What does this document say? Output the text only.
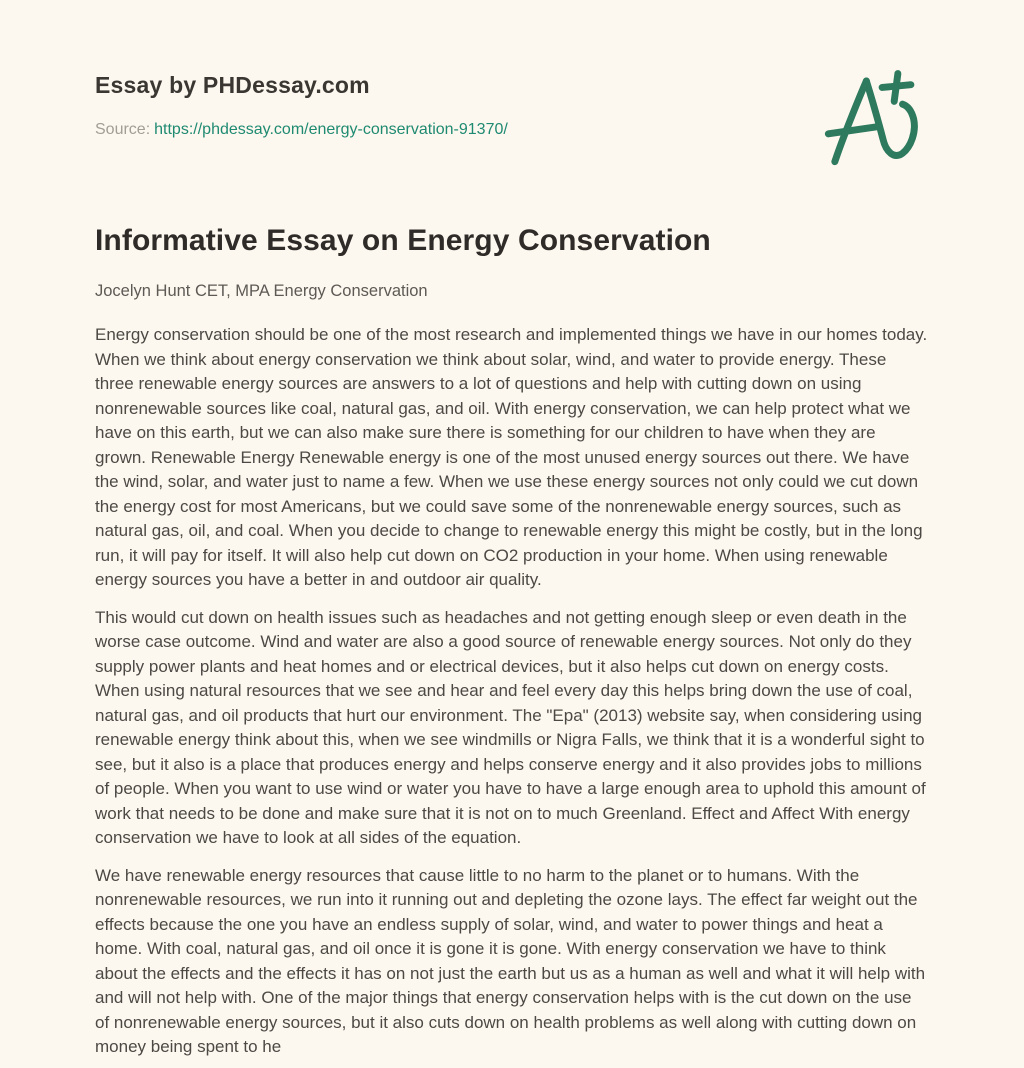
Essay by PHDessay.com
Source: https://phdessay.com/energy-conservation-91370/
Informative Essay on Energy Conservation

Jocelyn Hunt CET, MPA Energy Conservation

Energy conservation should be one of the most research and implemented things we have in our homes today. When we think about energy conservation we think about solar, wind, and water to provide energy. These three renewable energy sources are answers to a lot of questions and help with cutting down on using nonrenewable sources like coal, natural gas, and oil. With energy conservation, we can help protect what we have on this earth, but we can also make sure there is something for our children to have when they are grown. Renewable Energy Renewable energy is one of the most unused energy sources out there. We have the wind, solar, and water just to name a few. When we use these energy sources not only could we cut down the energy cost for most Americans, but we could save some of the nonrenewable energy sources, such as natural gas, oil, and coal. When you decide to change to renewable energy this might be costly, but in the long run, it will pay for itself. It will also help cut down on CO2 production in your home. When using renewable energy sources you have a better in and outdoor air quality.

This would cut down on health issues such as headaches and not getting enough sleep or even death in the worse case outcome. Wind and water are also a good source of renewable energy sources. Not only do they supply power plants and heat homes and or electrical devices, but it also helps cut down on energy costs. When using natural resources that we see and hear and feel every day this helps bring down the use of coal, natural gas, and oil products that hurt our environment. The "Epa" (2013) website say, when considering using renewable energy think about this, when we see windmills or Nigra Falls, we think that it is a wonderful sight to see, but it also is a place that produces energy and helps conserve energy and it also provides jobs to millions of people. When you want to use wind or water you have to have a large enough area to uphold this amount of work that needs to be done and make sure that it is not on to much Greenland. Effect and Affect With energy conservation we have to look at all sides of the equation.

We have renewable energy resources that cause little to no harm to the planet or to humans. With the nonrenewable resources, we run into it running out and depleting the ozone lays. The effect far weight out the effects because the one you have an endless supply of solar, wind, and water to power things and heat a home. With coal, natural gas, and oil once it is gone it is gone. With energy conservation we have to think about the effects and the effects it has on not just the earth but us as a human as well and what it will help with and will not help with. One of the major things that energy conservation helps with is the cut down on the use of nonrenewable energy sources, but it also cuts down on health problems as well along with cutting down on money being spent to he
